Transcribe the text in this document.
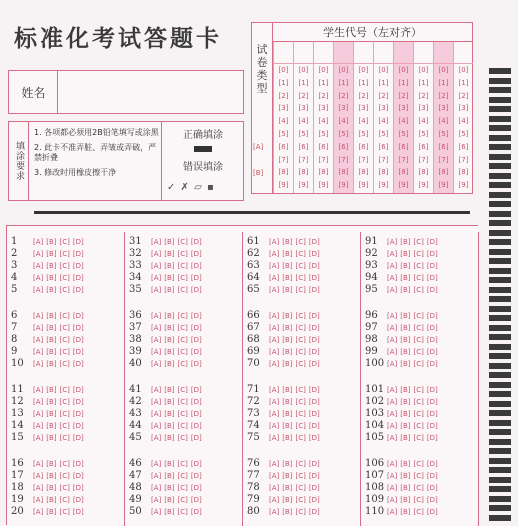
标准化考试答题卡
姓名
填涂要求
1. 各项都必须用2B铅笔填写或涂黑
2. 此卡不准弄脏、弄皱或弄破，严禁折叠
3. 修改时用橡皮擦干净
正确填涂
错误填涂
✓ ✗ ▱ ▪
试卷类型
[A]
[B]
学生代号（左对齐）
[0]
[1]
[2]
[3]
[4]
[5]
[6]
[7]
[8]
[9]
[0]
[1]
[2]
[3]
[4]
[5]
[6]
[7]
[8]
[9]
[0]
[1]
[2]
[3]
[4]
[5]
[6]
[7]
[8]
[9]
[0]
[1]
[2]
[3]
[4]
[5]
[6]
[7]
[8]
[9]
[0]
[1]
[2]
[3]
[4]
[5]
[6]
[7]
[8]
[9]
[0]
[1]
[2]
[3]
[4]
[5]
[6]
[7]
[8]
[9]
[0]
[1]
[2]
[3]
[4]
[5]
[6]
[7]
[8]
[9]
[0]
[1]
[2]
[3]
[4]
[5]
[6]
[7]
[8]
[9]
[0]
[1]
[2]
[3]
[4]
[5]
[6]
[7]
[8]
[9]
[0]
[1]
[2]
[3]
[4]
[5]
[6]
[7]
[8]
[9]
1 [A] [B] [C] [D]
2 [A] [B] [C] [D]
3 [A] [B] [C] [D]
4 [A] [B] [C] [D]
5 [A] [B] [C] [D]
6 [A] [B] [C] [D]
7 [A] [B] [C] [D]
8 [A] [B] [C] [D]
9 [A] [B] [C] [D]
10 [A] [B] [C] [D]
11 [A] [B] [C] [D]
12 [A] [B] [C] [D]
13 [A] [B] [C] [D]
14 [A] [B] [C] [D]
15 [A] [B] [C] [D]
16 [A] [B] [C] [D]
17 [A] [B] [C] [D]
18 [A] [B] [C] [D]
19 [A] [B] [C] [D]
20 [A] [B] [C] [D]
31 [A] [B] [C] [D]
32 [A] [B] [C] [D]
33 [A] [B] [C] [D]
34 [A] [B] [C] [D]
35 [A] [B] [C] [D]
36 [A] [B] [C] [D]
37 [A] [B] [C] [D]
38 [A] [B] [C] [D]
39 [A] [B] [C] [D]
40 [A] [B] [C] [D]
41 [A] [B] [C] [D]
42 [A] [B] [C] [D]
43 [A] [B] [C] [D]
44 [A] [B] [C] [D]
45 [A] [B] [C] [D]
46 [A] [B] [C] [D]
47 [A] [B] [C] [D]
48 [A] [B] [C] [D]
49 [A] [B] [C] [D]
50 [A] [B] [C] [D]
61 [A] [B] [C] [D]
62 [A] [B] [C] [D]
63 [A] [B] [C] [D]
64 [A] [B] [C] [D]
65 [A] [B] [C] [D]
66 [A] [B] [C] [D]
67 [A] [B] [C] [D]
68 [A] [B] [C] [D]
69 [A] [B] [C] [D]
70 [A] [B] [C] [D]
71 [A] [B] [C] [D]
72 [A] [B] [C] [D]
73 [A] [B] [C] [D]
74 [A] [B] [C] [D]
75 [A] [B] [C] [D]
76 [A] [B] [C] [D]
77 [A] [B] [C] [D]
78 [A] [B] [C] [D]
79 [A] [B] [C] [D]
80 [A] [B] [C] [D]
91 [A] [B] [C] [D]
92 [A] [B] [C] [D]
93 [A] [B] [C] [D]
94 [A] [B] [C] [D]
95 [A] [B] [C] [D]
96 [A] [B] [C] [D]
97 [A] [B] [C] [D]
98 [A] [B] [C] [D]
99 [A] [B] [C] [D]
100 [A] [B] [C] [D]
101 [A] [B] [C] [D]
102 [A] [B] [C] [D]
103 [A] [B] [C] [D]
104 [A] [B] [C] [D]
105 [A] [B] [C] [D]
106 [A] [B] [C] [D]
107 [A] [B] [C] [D]
108 [A] [B] [C] [D]
109 [A] [B] [C] [D]
110 [A] [B] [C] [D]
